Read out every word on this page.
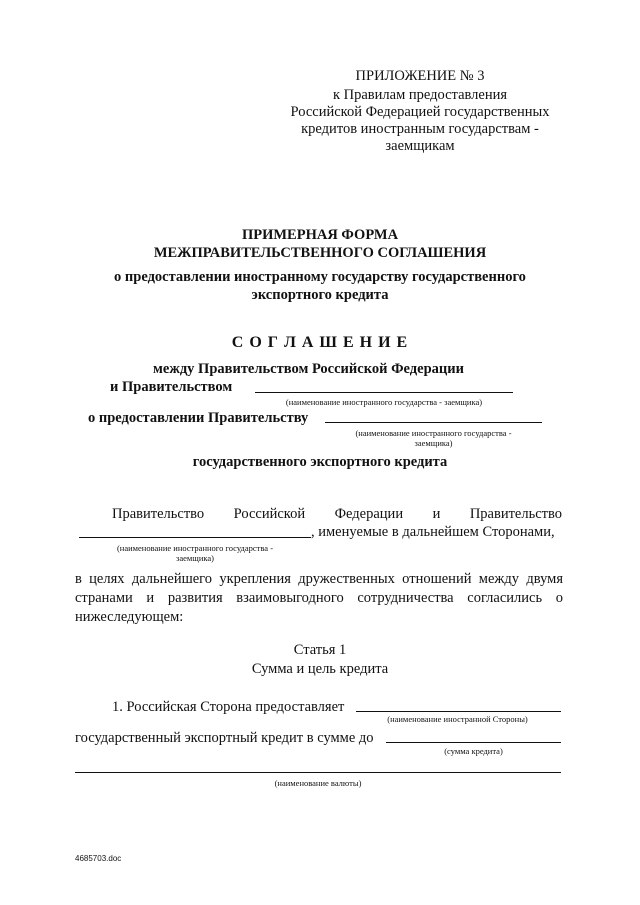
ПРИЛОЖЕНИЕ № 3
к Правилам предоставления
Российской Федерацией государственных
кредитов иностранным государствам -
заемщикам
ПРИМЕРНАЯ ФОРМА
МЕЖПРАВИТЕЛЬСТВЕННОГО СОГЛАШЕНИЯ
о предоставлении иностранному государству государственного
экспортного кредита
С О Г Л А Ш Е Н И Е
между Правительством Российской Федерации
и Правительством
(наименование иностранного государства - заемщика)
о предоставлении Правительству
(наименование иностранного государства -
заемщика)
государственного экспортного кредита
Правительство Российской Федерации и Правительство
, именуемые в дальнейшем Сторонами,
(наименование иностранного государства -
заемщика)
в целях дальнейшего укрепления дружественных отношений между двумя
странами и развития взаимовыгодного сотрудничества согласились о
нижеследующем:
Статья 1
Сумма и цель кредита
1. Российская Сторона предоставляет
(наименование иностранной Стороны)
государственный экспортный кредит в сумме до
(сумма кредита)
(наименование валюты)
4685703.doc
